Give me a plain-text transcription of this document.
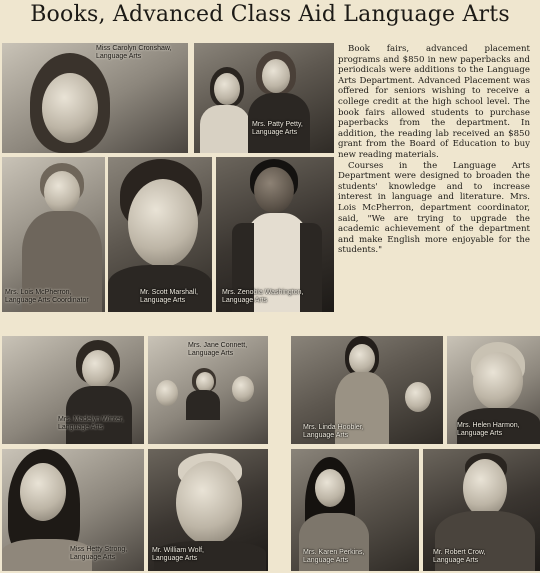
Books, Advanced Class Aid Language Arts
Miss Carolyn Cronshaw,
Language Arts
Mrs. Patty Petty,
Language Arts
Mrs. Lois McPherron,
Language Arts Coordinator
Mr. Scott Marshall,
Language Arts
Mrs. Zenobia Washington,
Language Arts
Mrs. Madelyn Winter,
Language Arts
Mrs. Jane Connett,
Language Arts
Mrs. Linda Hoobler,
Language Arts
Mrs. Helen Harmon,
Language Arts
Miss Hetty Strong,
Language Arts
Mr. William Wolf,
Language Arts
Mrs. Karen Perkins,
Language Arts
Mr. Robert Crow,
Language Arts

Book fairs, advanced placement programs and $850 in new paperbacks and periodicals were additions to the Language Arts Department. Advanced Placement was offered for seniors wishing to receive a college credit at the high school level. The book fairs allowed students to purchase paperbacks from the department. In addition, the reading lab received an $850 grant from the Board of Education to buy new reading materials.

Courses in the Language Arts Department were designed to broaden the students' knowledge and to increase interest in language and literature. Mrs. Lois McPherron, department coordinator, said, "We are trying to upgrade the academic achievement of the department and make English more enjoyable for the students."
